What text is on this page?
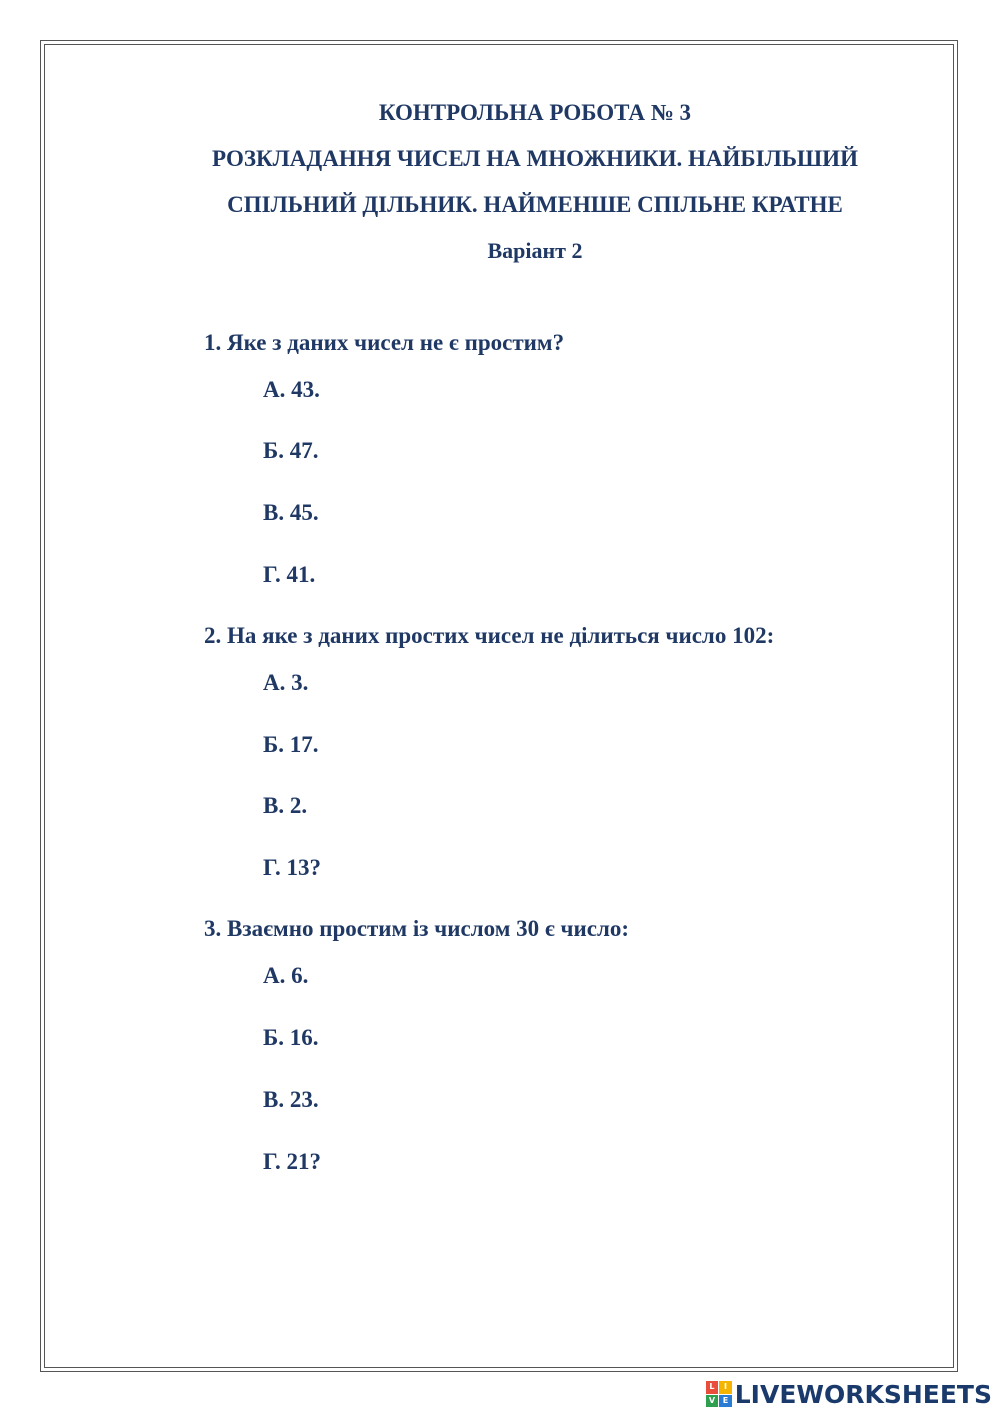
КОНТРОЛЬНА РОБОТА № 3
РОЗКЛАДАННЯ ЧИСЕЛ НА МНОЖНИКИ. НАЙБІЛЬШИЙ
СПІЛЬНИЙ ДІЛЬНИК. НАЙМЕНШЕ СПІЛЬНЕ КРАТНЕ
Варіант 2
1. Яке з даних чисел не є простим?
А. 43.
Б. 47.
В. 45.
Г. 41.
2. На яке з даних простих чисел не ділиться число 102:
А. 3.
Б. 17.
В. 2.
Г. 13?
3. Взаємно простим із числом 30 є число:
А. 6.
Б. 16.
В. 23.
Г. 21?
L	I
V E LIVEWORKSHEETS
